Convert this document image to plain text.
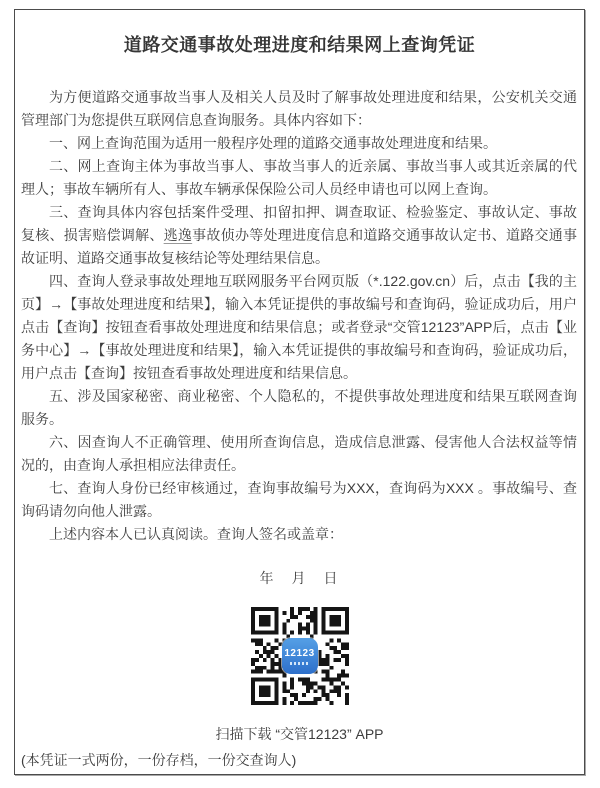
道路交通事故处理进度和结果网上查询凭证

为方便道路交通事故当事人及相关人员及时了解事故处理进度和结果，公安机关交通管理部门为您提供互联网信息查询服务。具体内容如下：

一、网上查询范围为适用一般程序处理的道路交通事故处理进度和结果。

二、网上查询主体为事故当事人、事故当事人的近亲属、事故当事人或其近亲属的代理人；事故车辆所有人、事故车辆承保保险公司人员经申请也可以网上查询。

三、查询具体内容包括案件受理、扣留扣押、调查取证、检验鉴定、事故认定、事故复核、损害赔偿调解、逃逸事故侦办等处理进度信息和道路交通事故认定书、道路交通事故证明、道路交通事故复核结论等处理结果信息。

四、查询人登录事故处理地互联网服务平台网页版（*.122.gov.cn）后，点击【我的主页】→【事故处理进度和结果】，输入本凭证提供的事故编号和查询码，验证成功后，用户点击【查询】按钮查看事故处理进度和结果信息；或者登录“交管12123”APP后，点击【业务中心】→【事故处理进度和结果】，输入本凭证提供的事故编号和查询码，验证成功后，用户点击【查询】按钮查看事故处理进度和结果信息。

五、涉及国家秘密、商业秘密、个人隐私的，不提供事故处理进度和结果互联网查询服务。

六、因查询人不正确管理、使用所查询信息，造成信息泄露、侵害他人合法权益等情况的，由查询人承担相应法律责任。

七、查询人身份已经审核通过，查询事故编号为XXX，查询码为XXX 。事故编号、查询码请勿向他人泄露。

上述内容本人已认真阅读。查询人签名或盖章：

年　月　日
12123
扫描下载 “交管12123” APP
(本凭证一式两份，一份存档，一份交查询人)
